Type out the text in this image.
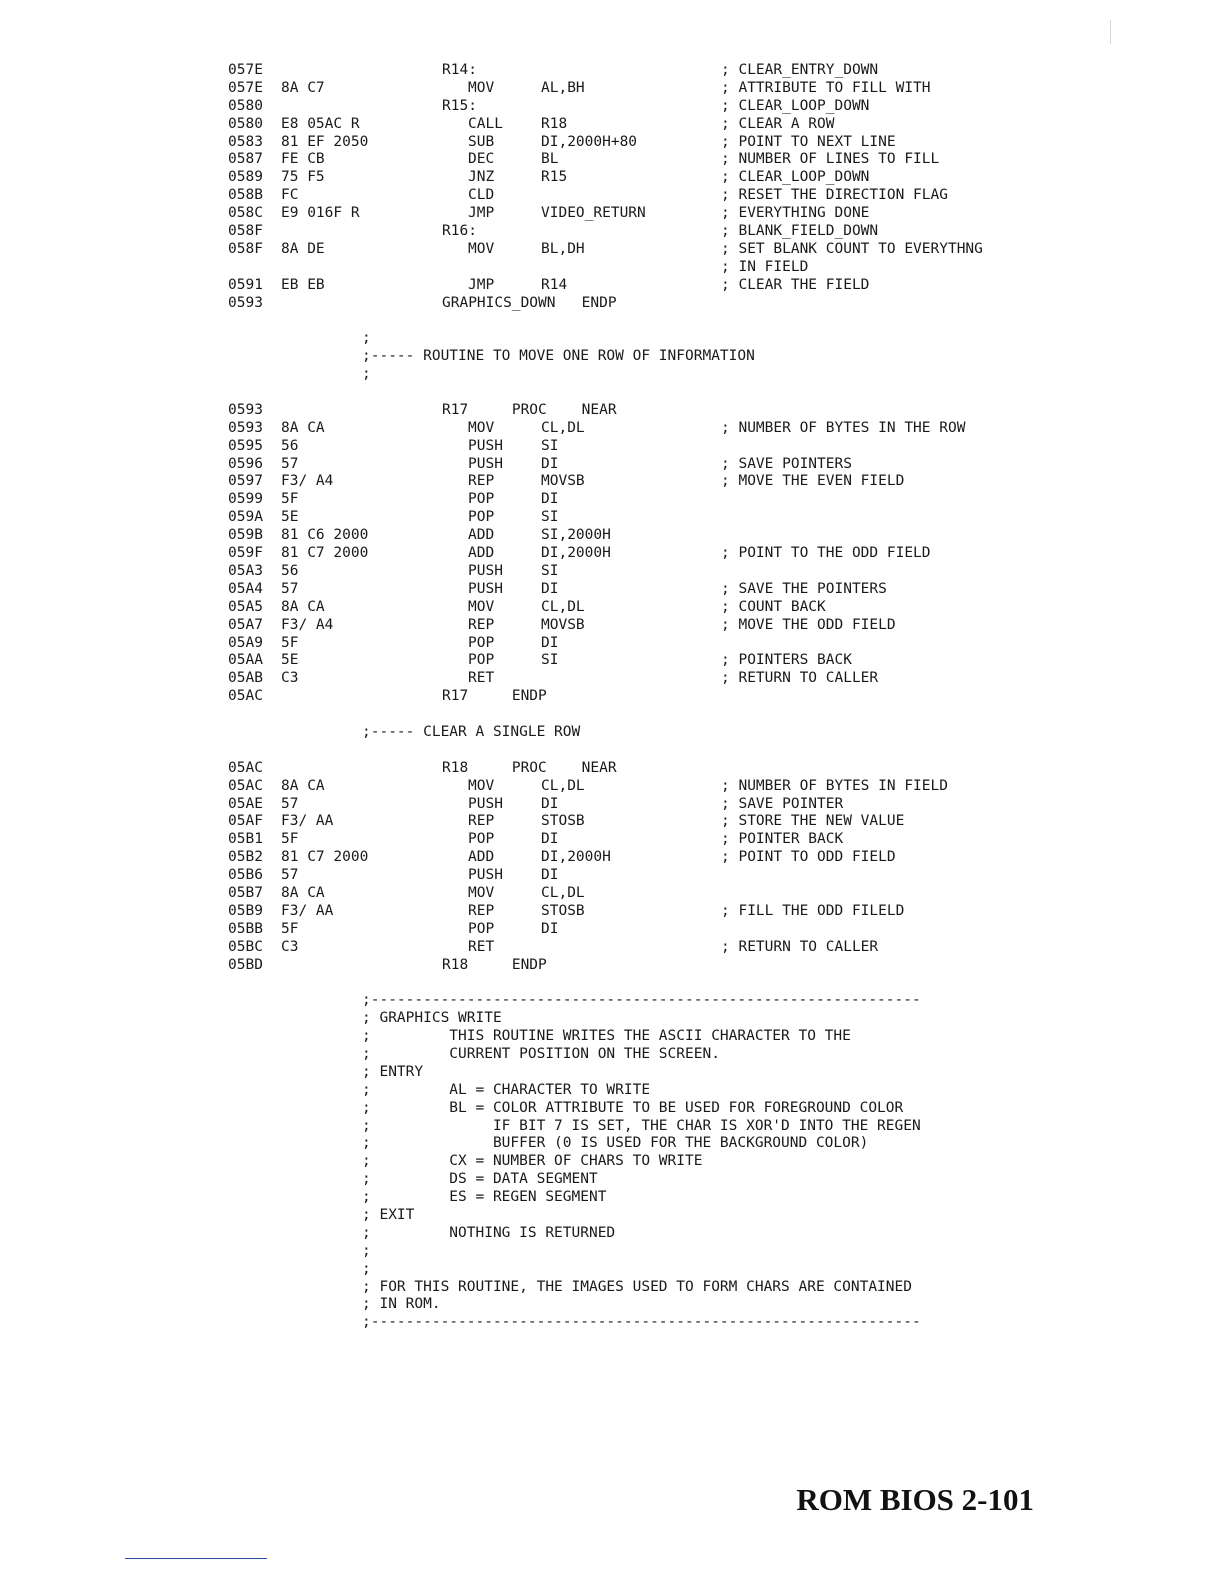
057E	R14:	; CLEAR_ENTRY_DOWN
057E 8A C7	MOV	AL,BH	; ATTRIBUTE TO FILL WITH
0580	R15:	; CLEAR_LOOP_DOWN
0580 E8 05AC R	CALL	R18	; CLEAR A ROW
0583 81 EF 2050	SUB	DI,2000H+80	; POINT TO NEXT LINE
0587 FE CB	DEC	BL	; NUMBER OF LINES TO FILL
0589 75 F5	JNZ	R15	; CLEAR_LOOP_DOWN
058B FC	CLD	; RESET THE DIRECTION FLAG
058C E9 016F R	JMP	VIDEO_RETURN	; EVERYTHING DONE
058F	R16:	; BLANK_FIELD_DOWN
058F 8A DE	MOV	BL,DH	; SET BLANK COUNT TO EVERYTHNG
; IN FIELD
0591 EB EB	JMP	R14	; CLEAR THE FIELD
0593	GRAPHICS_DOWN   ENDP
;
;----- ROUTINE TO MOVE ONE ROW OF INFORMATION
;
0593	R17     PROC    NEAR
0593 8A CA	MOV	CL,DL	; NUMBER OF BYTES IN THE ROW
0595 56	PUSH	SI
0596 57	PUSH	DI	; SAVE POINTERS
0597 F3/ A4	REP	MOVSB	; MOVE THE EVEN FIELD
0599 5F	POP	DI
059A 5E	POP	SI
059B 81 C6 2000	ADD	SI,2000H
059F 81 C7 2000	ADD	DI,2000H	; POINT TO THE ODD FIELD
05A3 56	PUSH	SI
05A4 57	PUSH	DI	; SAVE THE POINTERS
05A5 8A CA	MOV	CL,DL	; COUNT BACK
05A7 F3/ A4	REP	MOVSB	; MOVE THE ODD FIELD
05A9 5F	POP	DI
05AA 5E	POP	SI	; POINTERS BACK
05AB C3	RET	; RETURN TO CALLER
05AC	R17     ENDP
;----- CLEAR A SINGLE ROW
05AC	R18     PROC    NEAR
05AC 8A CA	MOV	CL,DL	; NUMBER OF BYTES IN FIELD
05AE 57	PUSH	DI	; SAVE POINTER
05AF F3/ AA	REP	STOSB	; STORE THE NEW VALUE
05B1 5F	POP	DI	; POINTER BACK
05B2 81 C7 2000	ADD	DI,2000H	; POINT TO ODD FIELD
05B6 57	PUSH	DI
05B7 8A CA	MOV	CL,DL
05B9 F3/ AA	REP	STOSB	; FILL THE ODD FILELD
05BB 5F	POP	DI
05BC C3	RET	; RETURN TO CALLER
05BD	R18     ENDP
;---------------------------------------------------------------
; GRAPHICS WRITE
;         THIS ROUTINE WRITES THE ASCII CHARACTER TO THE
;         CURRENT POSITION ON THE SCREEN.
; ENTRY
;         AL = CHARACTER TO WRITE
;         BL = COLOR ATTRIBUTE TO BE USED FOR FOREGROUND COLOR
;              IF BIT 7 IS SET, THE CHAR IS XOR'D INTO THE REGEN
;              BUFFER (0 IS USED FOR THE BACKGROUND COLOR)
;         CX = NUMBER OF CHARS TO WRITE
;         DS = DATA SEGMENT
;         ES = REGEN SEGMENT
; EXIT
;         NOTHING IS RETURNED
;
;
; FOR THIS ROUTINE, THE IMAGES USED TO FORM CHARS ARE CONTAINED
; IN ROM.
;---------------------------------------------------------------
ROM BIOS 2-101
